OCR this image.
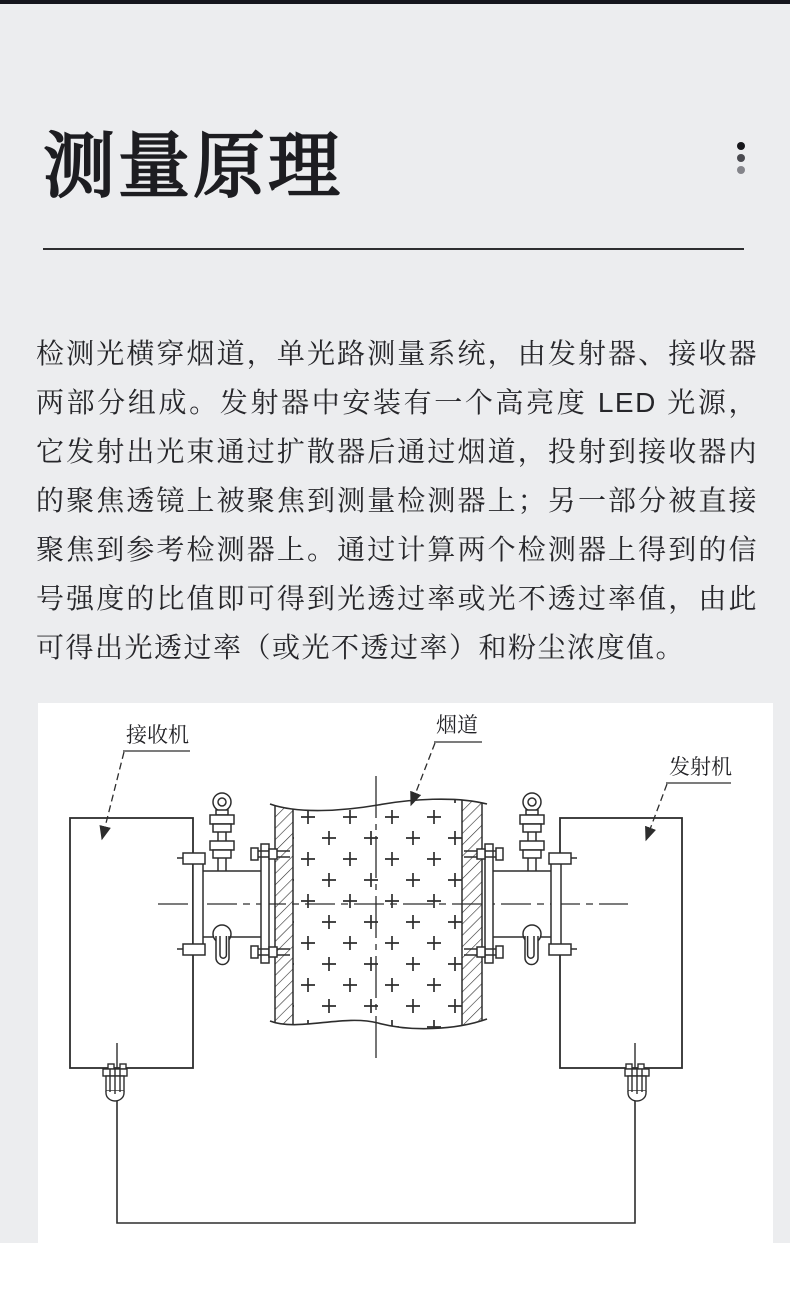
测量原理

检测光横穿烟道，单光路测量系统，由发射器、接收器两部分组成。发射器中安装有一个高亮度 LED 光源， 它发射出光束通过扩散器后通过烟道，投射到接收器内的聚焦透镜上被聚焦到测量检测器上；另一部分被直接聚焦到参考检测器上。通过计算两个检测器上得到的信号强度的比值即可得到光透过率或光不透过率值，由此可得出光透过率（或光不透过率）和粉尘浓度值。

接收机	烟道
发射机
